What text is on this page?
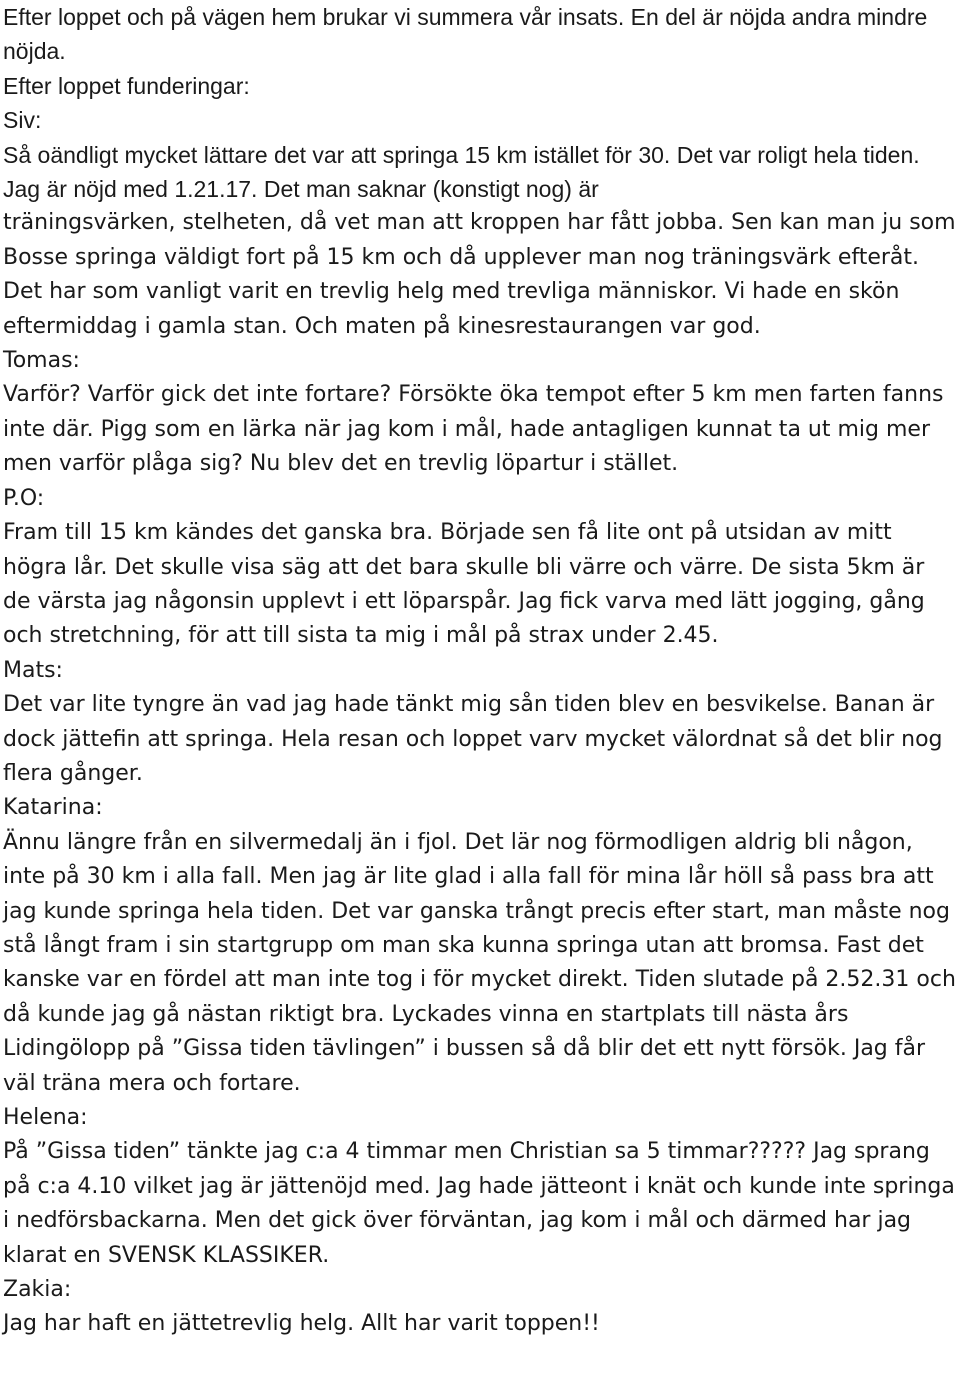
Efter loppet och på vägen hem brukar vi summera vår insats. En del är nöjda andra mindre nöjda.

Efter loppet funderingar:

Siv:

Så oändligt mycket lättare det var att springa 15 km istället för 30. Det var roligt hela tiden. Jag är nöjd med 1.21.17. Det man saknar (konstigt nog) är

träningsvärken, stelheten, då vet man att kroppen har fått jobba. Sen kan man ju som Bosse springa väldigt fort på 15 km och då upplever man nog träningsvärk efteråt. Det har som vanligt varit en trevlig helg med trevliga människor. Vi hade en skön eftermiddag i gamla stan. Och maten på kinesrestaurangen var god.

Tomas:

Varför? Varför gick det inte fortare? Försökte öka tempot efter 5 km men farten fanns inte där. Pigg som en lärka när jag kom i mål, hade antagligen kunnat ta ut mig mer men varför plåga sig? Nu blev det en trevlig löpartur i stället.

P.O:

Fram till 15 km kändes det ganska bra. Började sen få lite ont på utsidan av mitt högra lår. Det skulle visa säg att det bara skulle bli värre och värre. De sista 5km är de värsta jag någonsin upplevt i ett löparspår. Jag fick varva med lätt jogging, gång och stretchning, för att till sista ta mig i mål på strax under 2.45.

Mats:

Det var lite tyngre än vad jag hade tänkt mig sån tiden blev en besvikelse. Banan är dock jättefin att springa. Hela resan och loppet varv mycket välordnat så det blir nog flera gånger.

Katarina:

Ännu längre från en silvermedalj än i fjol. Det lär nog förmodligen aldrig bli någon, inte på 30 km i alla fall. Men jag är lite glad i alla fall för mina lår höll så pass bra att jag kunde springa hela tiden. Det var ganska trångt precis efter start, man måste nog stå långt fram i sin startgrupp om man ska kunna springa utan att bromsa. Fast det kanske var en fördel att man inte tog i för mycket direkt. Tiden slutade på 2.52.31 och då kunde jag gå nästan riktigt bra. Lyckades vinna en startplats till nästa års Lidingölopp på ”Gissa tiden tävlingen” i bussen så då blir det ett nytt försök. Jag får väl träna mera och fortare.

Helena:

På ”Gissa tiden” tänkte jag c:a 4 timmar men Christian sa 5 timmar????? Jag sprang på c:a 4.10 vilket jag är jättenöjd med. Jag hade jätteont i knät och kunde inte springa i nedförsbackarna. Men det gick över förväntan, jag kom i mål och därmed har jag klarat en SVENSK KLASSIKER.

Zakia:

Jag har haft en jättetrevlig helg. Allt har varit toppen!!
